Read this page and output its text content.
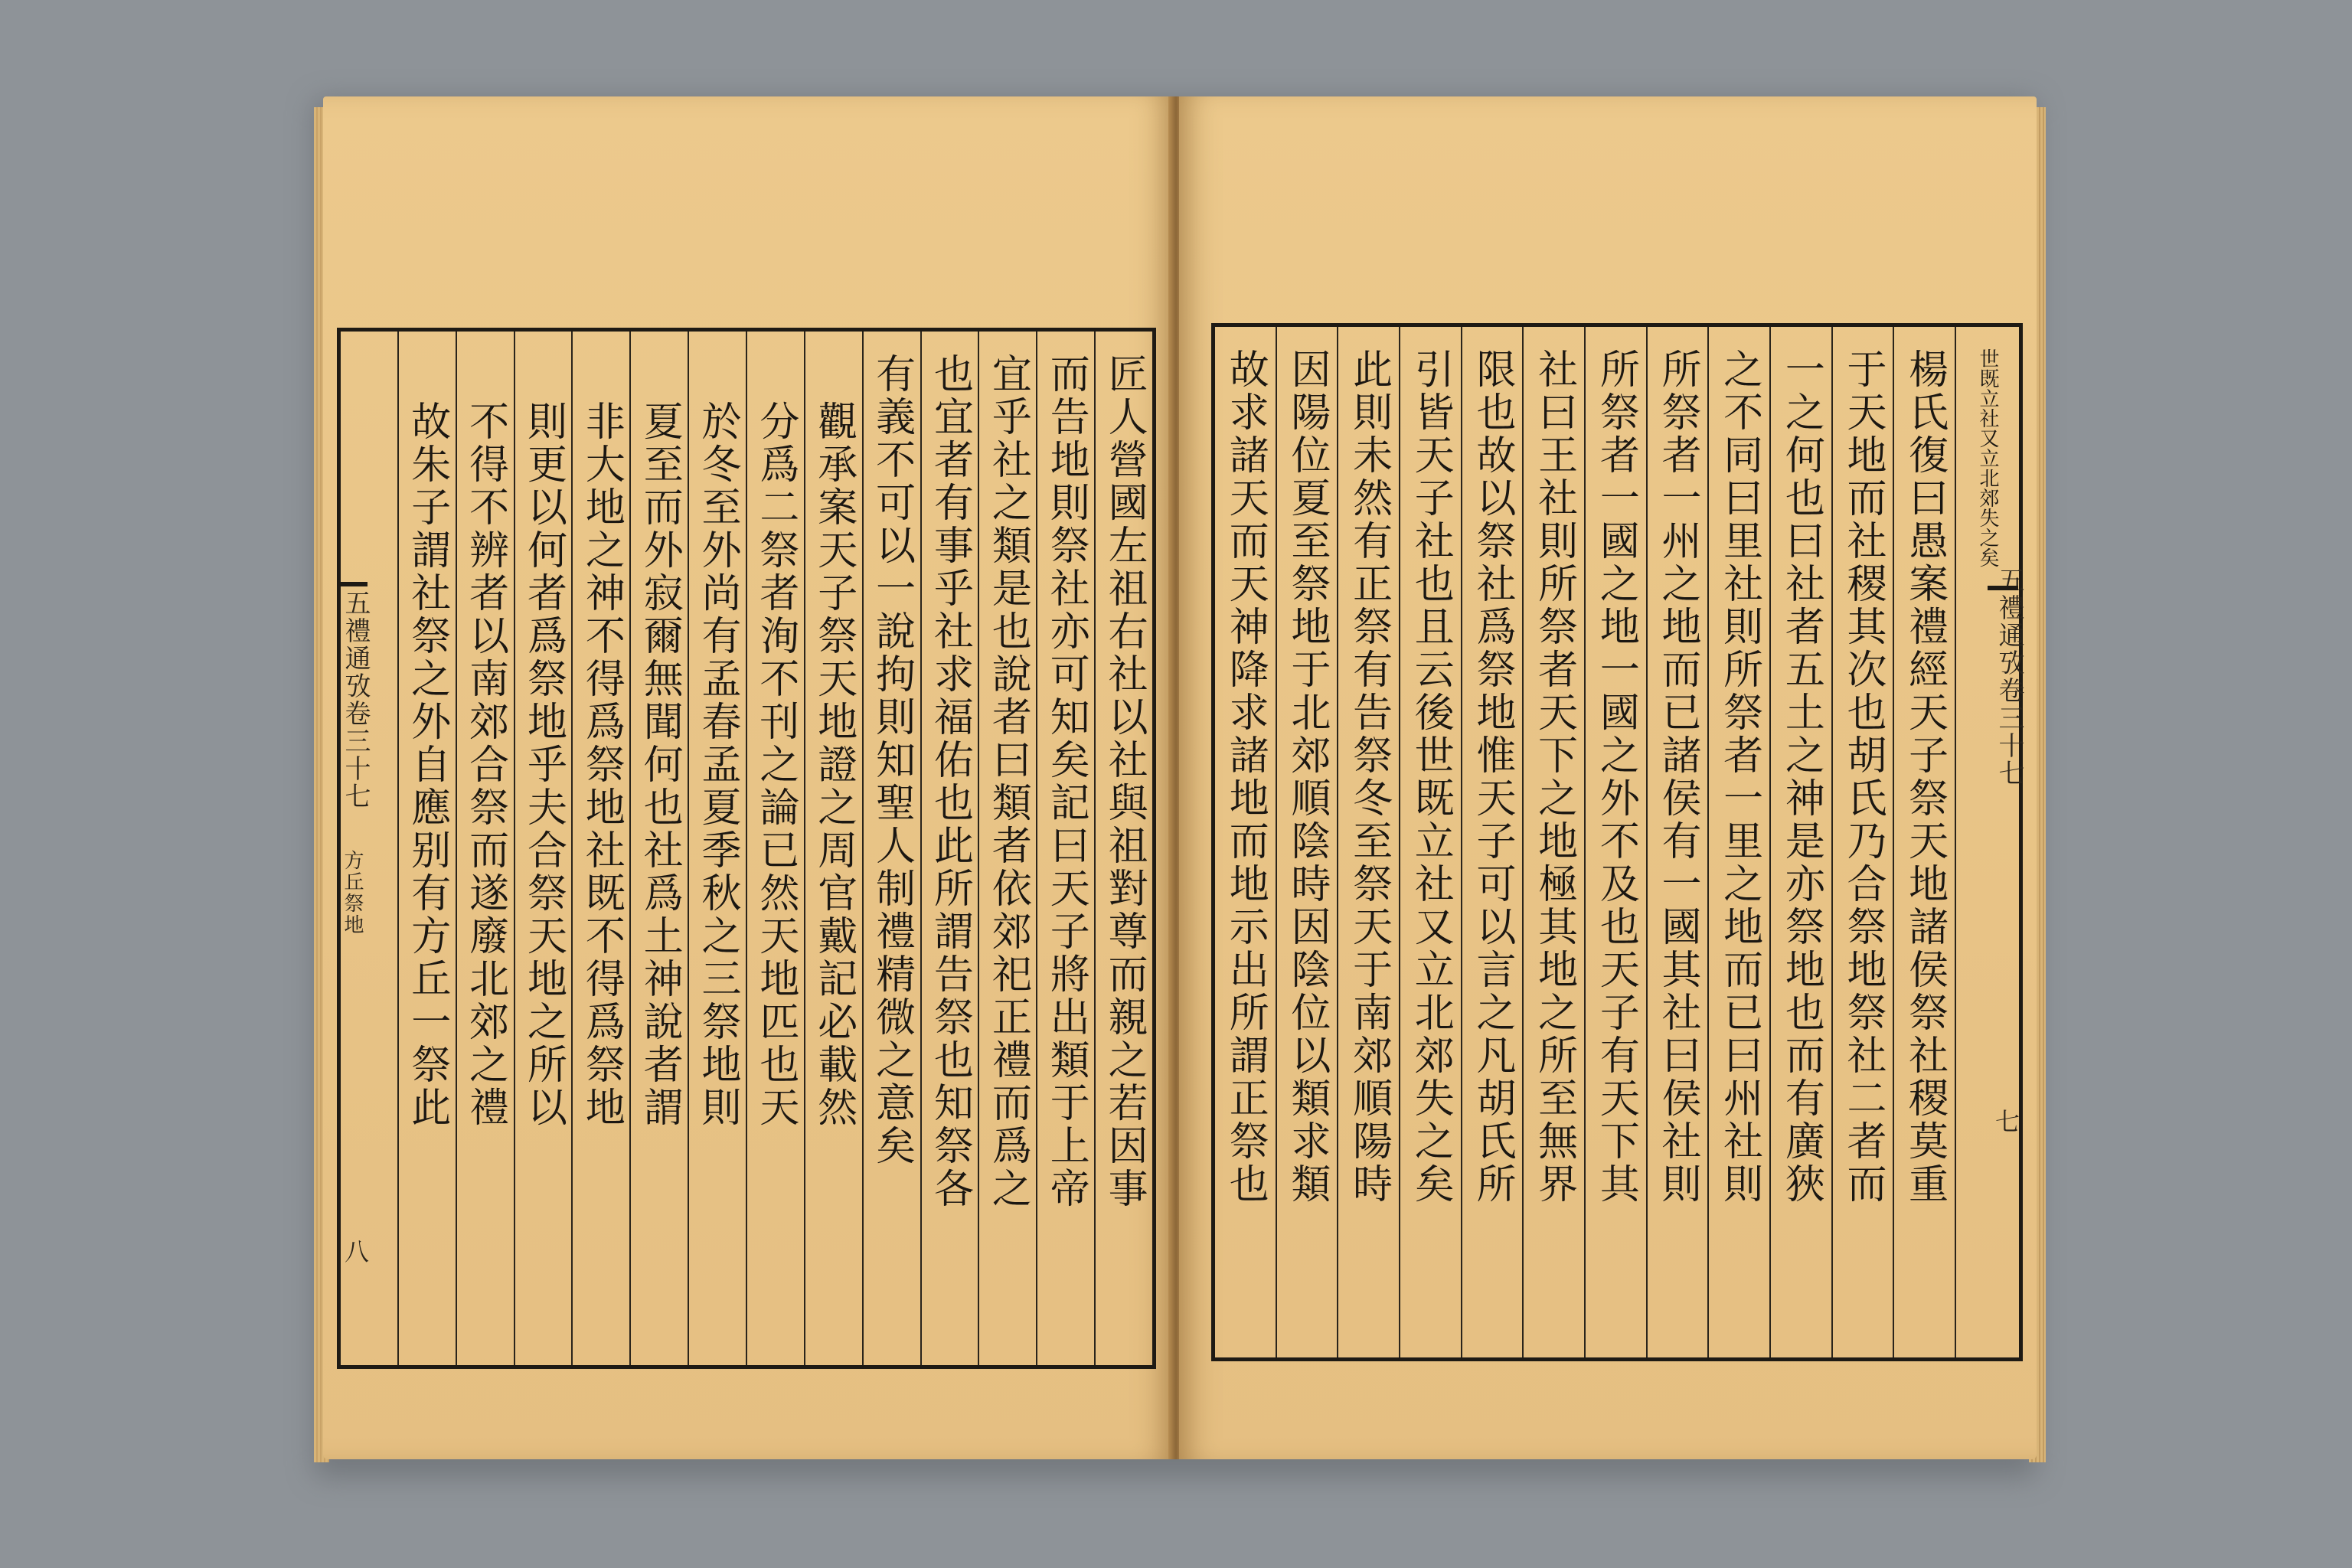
匠人營國左祖右社以社與祖對尊而親之若因事
而告地則祭社亦可知矣記曰天子將出類于上帝
宜乎社之類是也說者曰類者依郊祀正禮而爲之
也宜者有事乎社求福佑也此所謂告祭也知祭各
有義不可以一說拘則知聖人制禮精微之意矣
觀承案天子祭天地證之周官戴記必載然
分爲二祭者洵不刊之論已然天地匹也天
於冬至外尚有孟春孟夏季秋之三祭地則
夏至而外寂爾無聞何也社爲土神說者謂
非大地之神不得爲祭地社既不得爲祭地
則更以何者爲祭地乎夫合祭天地之所以
不得不辨者以南郊合祭而遂廢北郊之禮
故朱子謂社祭之外自應别有方丘一祭此
五禮通攷卷三十七
方丘祭地
八
世既立社又立
北郊失之矣
楊氏復曰愚案禮經天子祭天地諸侯祭社稷莫重
于天地而社稷其次也胡氏乃合祭地祭社二者而
一之何也曰社者五土之神是亦祭地也而有廣狹
之不同曰里社則所祭者一里之地而已曰州社則
所祭者一州之地而已諸侯有一國其社曰侯社則
所祭者一國之地一國之外不及也天子有天下其
社曰王社則所祭者天下之地極其地之所至無界
限也故以祭社爲祭地惟天子可以言之凡胡氏所
引皆天子社也且云後世既立社又立北郊失之矣
此則未然有正祭有告祭冬至祭天于南郊順陽時
因陽位夏至祭地于北郊順陰時因陰位以類求類
故求諸天而天神降求諸地而地示出所謂正祭也	五禮通攷卷三十七
七
